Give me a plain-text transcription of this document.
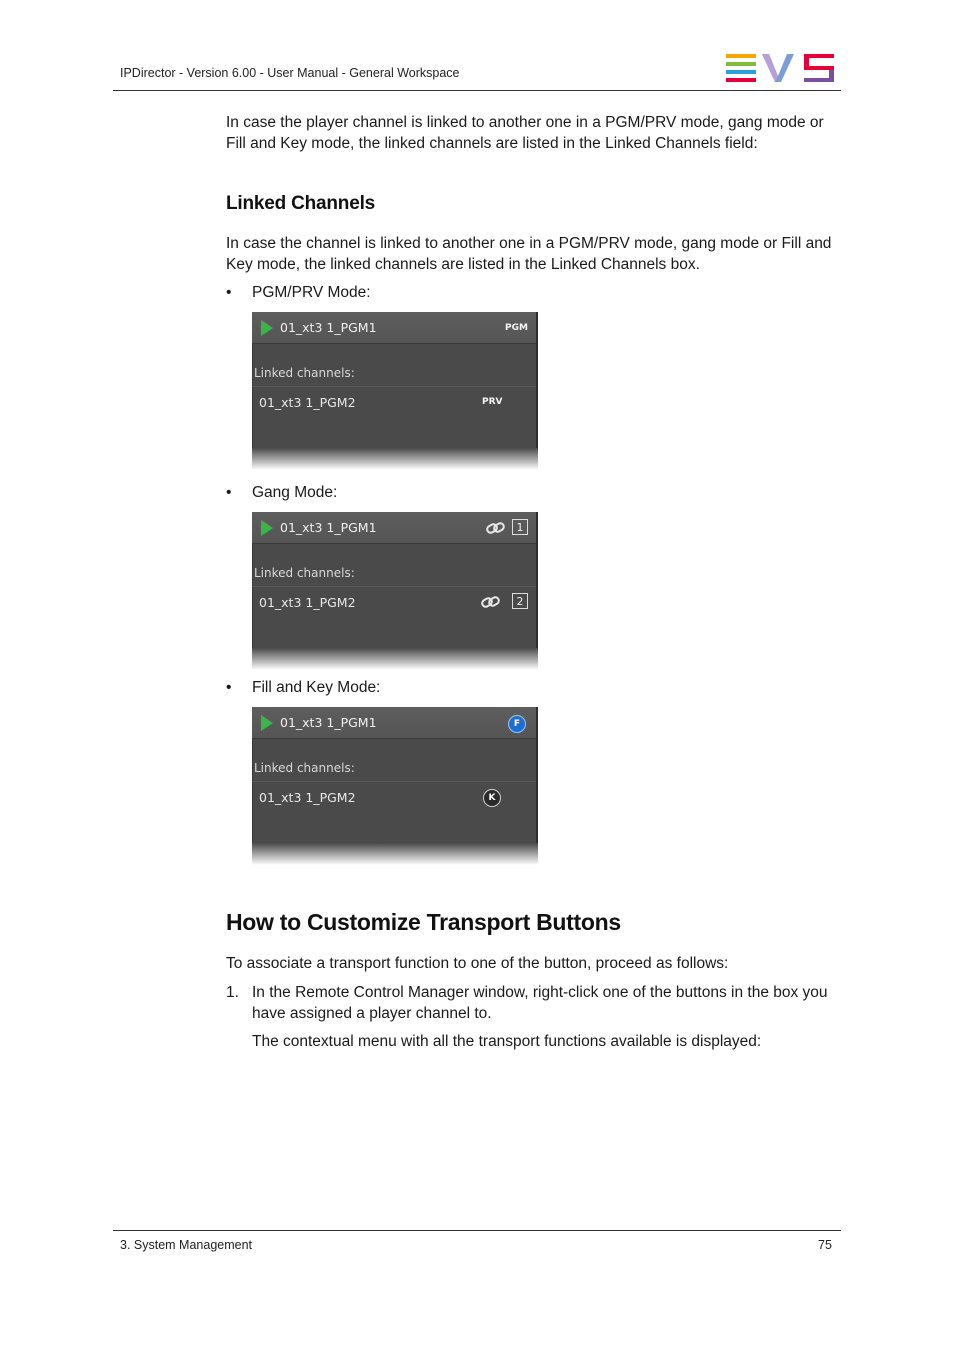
IPDirector - Version 6.00 - User Manual - General Workspace
In case the player channel is linked to another one in a PGM/PRV mode, gang mode or Fill and Key mode, the linked channels are listed in the Linked Channels field:
Linked Channels
In case the channel is linked to another one in a PGM/PRV mode, gang mode or Fill and Key mode, the linked channels are listed in the Linked Channels box.
• PGM/PRV Mode:
01_xt3 1_PGM1	PGM
Linked channels:
01_xt3 1_PGM2	PRV
• Gang Mode:
01_xt3 1_PGM1	1
Linked channels:
01_xt3 1_PGM2	2
• Fill and Key Mode:
01_xt3 1_PGM1	F
Linked channels:
01_xt3 1_PGM2	K
How to Customize Transport Buttons
To associate a transport function to one of the button, proceed as follows:
1. In the Remote Control Manager window, right-click one of the buttons in the box you
have assigned a player channel to.
The contextual menu with all the transport functions available is displayed:
3. System Management	75
